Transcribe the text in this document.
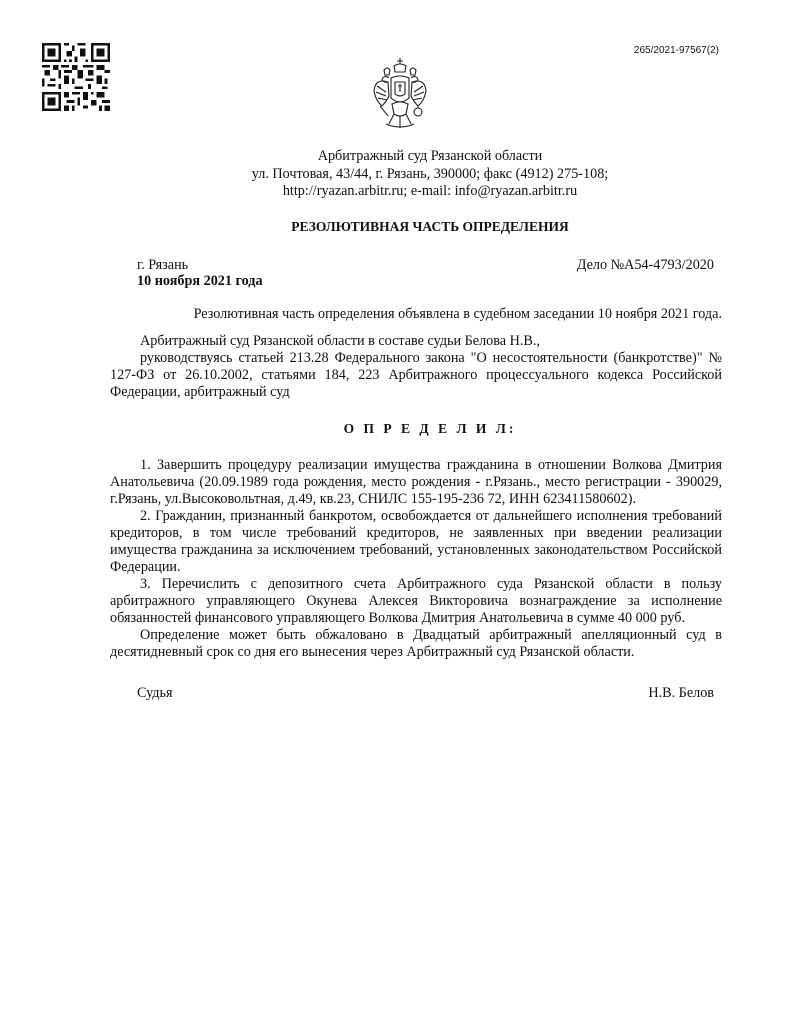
265/2021-97567(2)
Арбитражный суд Рязанской области
ул. Почтовая, 43/44, г. Рязань, 390000; факс (4912) 275-108;
http://ryazan.arbitr.ru; e-mail: info@ryazan.arbitr.ru
РЕЗОЛЮТИВНАЯ ЧАСТЬ ОПРЕДЕЛЕНИЯ
г. Рязань
10 ноября 2021 года
Дело №А54-4793/2020
Резолютивная часть определения объявлена в судебном заседании 10 ноября 2021 года.

Арбитражный суд Рязанской области в составе судьи Белова Н.В.,

руководствуясь статьей 213.28 Федерального закона "О несостоятельности (банкротстве)" № 127-ФЗ от 26.10.2002, статьями 184, 223 Арбитражного процессуального кодекса Российской Федерации, арбитражный суд

О П Р Е Д Е Л И Л:

1. Завершить процедуру реализации имущества гражданина в отношении Волкова Дмитрия Анатольевича (20.09.1989 года рождения, место рождения - г.Рязань., место регистрации - 390029, г.Рязань, ул.Высоковольтная, д.49, кв.23, СНИЛС 155-195-236 72, ИНН 623411580602).

2. Гражданин, признанный банкротом, освобождается от дальнейшего исполнения требований кредиторов, в том числе требований кредиторов, не заявленных при введении реализации имущества гражданина за исключением требований, установленных законодательством Российской Федерации.

3. Перечислить с депозитного счета Арбитражного суда Рязанской области в пользу арбитражного управляющего Окунева Алексея Викторовича вознаграждение за исполнение обязанностей финансового управляющего Волкова Дмитрия Анатольевича в сумме 40 000 руб.

Определение может быть обжаловано в Двадцатый арбитражный апелляционный суд в десятидневный срок со дня его вынесения через Арбитражный суд Рязанской области.

Судья	Н.В. Белов
